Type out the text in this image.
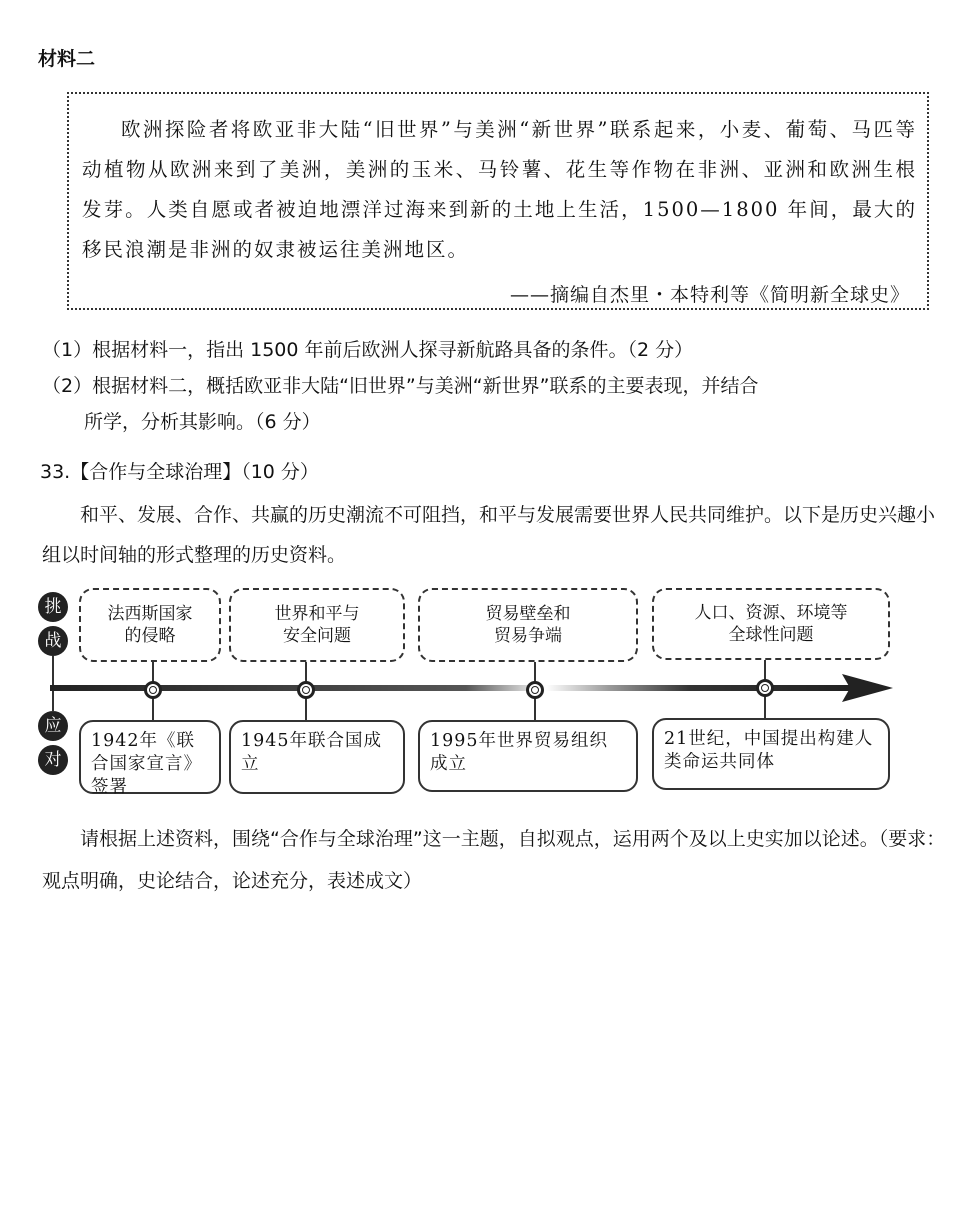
材料二
欧洲探险者将欧亚非大陆“旧世界”与美洲“新世界”联系起来，小麦、葡萄、马匹等动植物从欧洲来到了美洲，美洲的玉米、马铃薯、花生等作物在非洲、亚洲和欧洲生根发芽。人类自愿或者被迫地漂洋过海来到新的土地上生活，1500—1800 年间，最大的移民浪潮是非洲的奴隶被运往美洲地区。
——摘编自杰里・本特利等《简明新全球史》
（1）根据材料一，指出 1500 年前后欧洲人探寻新航路具备的条件。（2 分）
（2）根据材料二，概括欧亚非大陆“旧世界”与美洲“新世界”联系的主要表现，并结合
所学，分析其影响。（6 分）
33.【合作与全球治理】（10 分）
和平、发展、合作、共赢的历史潮流不可阻挡，和平与发展需要世界人民共同维护。以下是历史兴趣小组以时间轴的形式整理的历史资料。
挑
战
应
对
法西斯国家
的侵略
世界和平与
安全问题
贸易壁垒和
贸易争端
人口、资源、环境等
全球性问题
1942年《联合国家宣言》签署
1945年联合国成立
1995年世界贸易组织成立
21世纪，中国提出构建人类命运共同体
请根据上述资料，围绕“合作与全球治理”这一主题，自拟观点，运用两个及以上史实加以论述。（要求：观点明确，史论结合，论述充分，表述成文）
